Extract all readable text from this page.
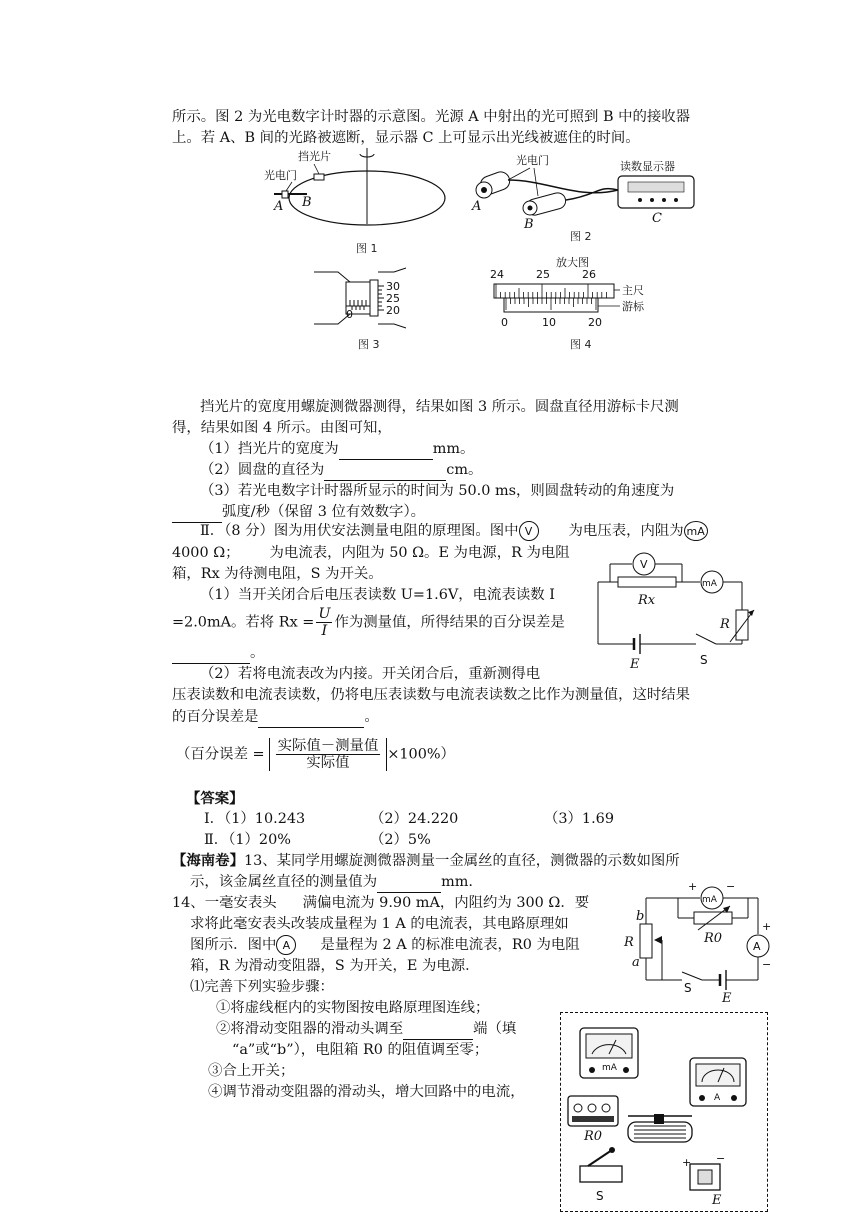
所示。图 2 为光电数字计时器的示意图。光源 A 中射出的光可照到 B 中的接收器
上。若 A、B 间的光路被遮断，显示器 C 上可显示出光线被遮住的时间。
挡光片
光电门
A B
图 1
光电门	读数显示器
A
B	C
图 2
30
25
20
0
图 3
放大图
24	25	26
主尺
游标
0	10	20
图 4
挡光片的宽度用螺旋测微器测得，结果如图 3 所示。圆盘直径用游标卡尺测
得，结果如图 4 所示。由图可知，
（1）挡光片的宽度为	mm。
（2）圆盘的直径为	cm。
（3）若光电数字计时器所显示的时间为 50.0 ms，则圆盘转动的角速度为
弧度/秒（保留 3 位有效数字）。
Ⅱ．（8 分）图为用伏安法测量电阻的原理图。图中 V	为电压表，内阻为 mA
4000 Ω； 为电流表，内阻为 50 Ω。E 为电源，R 为电阻
箱，Rx 为待测电阻，S 为开关。
（1）当开关闭合后电压表读数 U=1.6V，电流表读数 I
=2.0mA。若将 $Rx = \frac{U}{I}$ 作为测量值，所得结果的百分误差是
。
（2）若将电流表改为内接。开关闭合后，重新测得电
压表读数和电流表读数，仍将电压表读数与电流表读数之比作为测量值，这时结果
的百分误差是	。
（百分误差 = $\frac{\text{实际值－测量值}}{\text{实际值}} \times 100\%$）
V
mA
Rx
R
E	S
【答案】
Ⅰ．（1）10.243	（2）24.220	（3）1.69
Ⅱ．（1）20%	（2）5%
【海南卷】13、某同学用螺旋测微器测量一金属丝的直径，测微器的示数如图所
示，该金属丝直径的测量值为	mm.
14、一毫安表头 满偏电流为 9.90 mA，内阻约为 300 Ω．要
求将此毫安表头改装成量程为 1 A 的电流表，其电路原理如
图所示．图中 A 是量程为 2 A 的标准电流表，R0 为电阻
箱，R 为滑动变阻器，S 为开关，E 为电源．
⑴完善下列实验步骤：
①将虚线框内的实物图按电路原理图连线；
②将滑动变阻器的滑动头调至	端（填
“a”或“b”），电阻箱 R0 的阻值调至零；
③合上开关；
④调节滑动变阻器的滑动头，增大回路中的电流，
mA
+	−
R0
A
+
−
R
b
a
S
E
mA
A
R0
S
+ −
E
